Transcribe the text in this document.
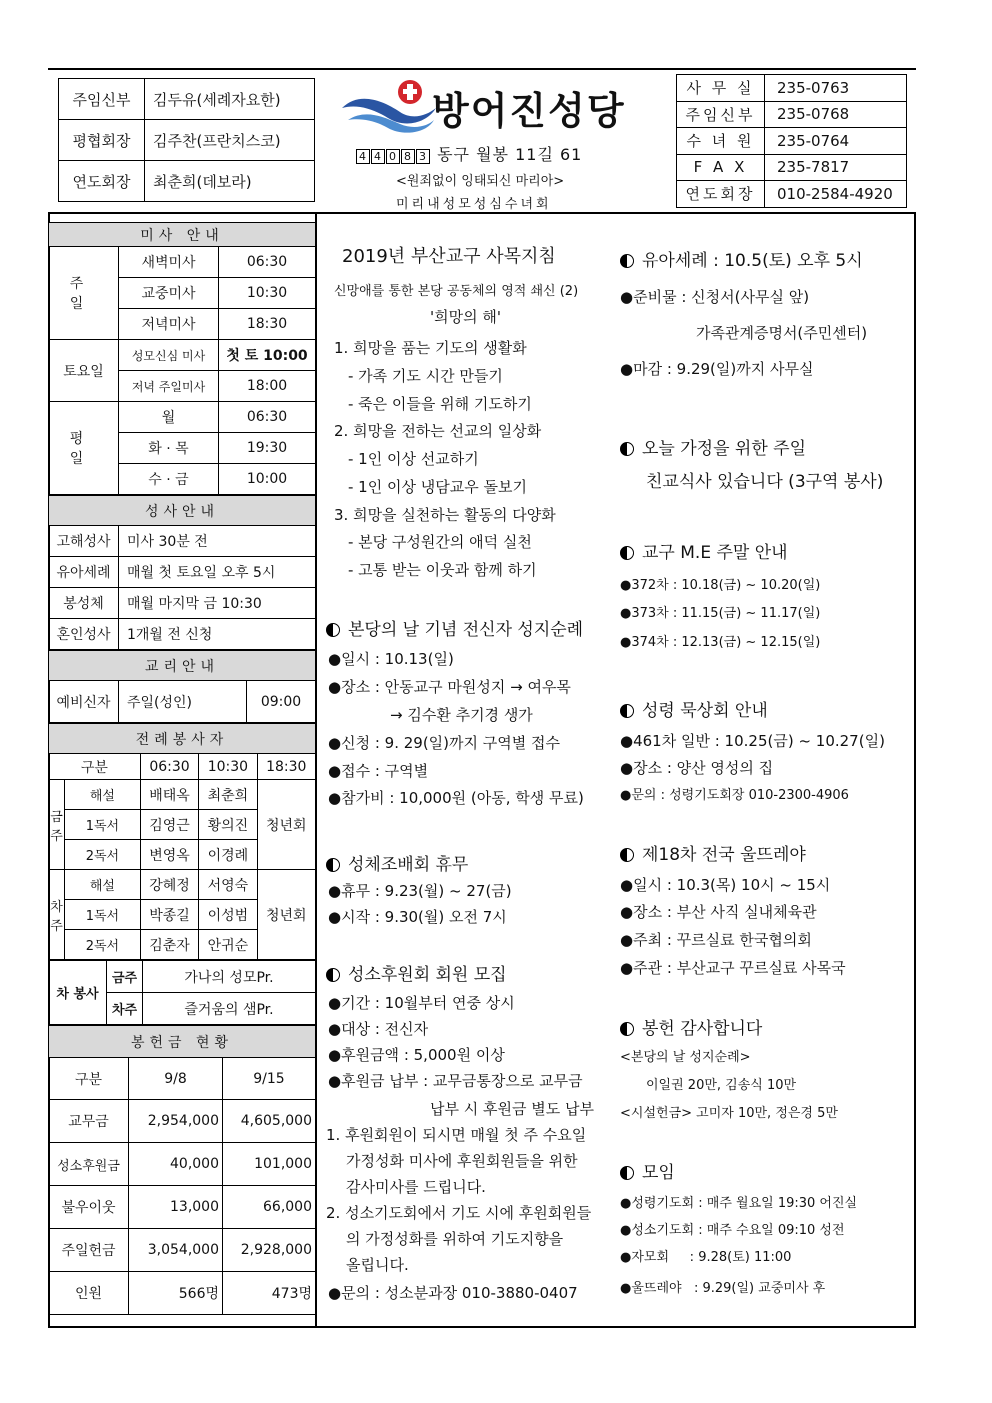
주임신부	김두유(세례자요한)
평협회장	김주찬(프란치스코)
연도회장	최춘희(데보라)
방어진성당
4 4 0 8 3 동구 월봉 11길 61
<원죄없이 잉태되신 마리아>
미리내성모성심수녀회
사 무 실	235-0763
주임신부	235-0768
수 녀 원	235-0764
F A X	235-7817
연도회장	010-2584-4920
미사 안내		
주 일	새벽미사	06:30
	교중미사	10:30
	저녁미사	18:30
토요일	성모신심 미사	첫 토 10:00
	저녁 주일미사	18:00
평 일	월	06:30
	화 · 목	19:30
	수 · 금	10:00
성사안내	
고해성사	미사 30분 전
유아세례	매월 첫 토요일 오후 5시
봉성체	매월 마지막 금 10:30
혼인성사	1개월 전 신청
교리안내
예비신자	주일(성인)	09:00
전례봉사자				
구분		06:30	10:30	18:30
금주	해설	배태옥	최춘희	청년회
	1독서	김영근	황의진	
	2독서	변영옥	이경례	
차주	해설	강혜정	서영숙	청년회
	1독서	박종길	이성범	
	2독서	김춘자	안귀순	
차 봉사	금주	가나의 성모Pr.
	차주	즐거움의 샘Pr.
봉헌금 현황		
구분	9/8	9/15
교무금	2,954,000	4,605,000
성소후원금	40,000	101,000
불우이웃	13,000	66,000
주일헌금	3,054,000	2,928,000
인원	566명	473명
2019년 부산교구 사목지침
신망애를 통한 본당 공동체의 영적 쇄신 (2)
'희망의 해'
1. 희망을 품는 기도의 생활화
- 가족 기도 시간 만들기
- 죽은 이들을 위해 기도하기
2. 희망을 전하는 선교의 일상화
- 1인 이상 선교하기
- 1인 이상 냉담교우 돌보기
3. 희망을 실천하는 활동의 다양화
- 본당 구성원간의 애덕 실천
- 고통 받는 이웃과 함께 하기
본당의 날 기념 전신자 성지순례
●일시 : 10.13(일)
●장소 : 안동교구 마원성지 → 여우목
→ 김수환 추기경 생가
●신청 : 9. 29(일)까지 구역별 접수
●접수 : 구역별
●참가비 : 10,000원 (아동, 학생 무료)
성체조배회 휴무
●휴무 : 9.23(월) ~ 27(금)
●시작 : 9.30(월) 오전 7시
성소후원회 회원 모집
●기간 : 10월부터 연중 상시
●대상 : 전신자
●후원금액 : 5,000원 이상
●후원금 납부 : 교무금통장으로 교무금
납부 시 후원금 별도 납부
1. 후원회원이 되시면 매월 첫 주 수요일
가정성화 미사에 후원회원들을 위한
감사미사를 드립니다.
2. 성소기도회에서 기도 시에 후원회원들
의 가정성화를 위하여 기도지향을
올립니다.
●문의 : 성소분과장 010-3880-0407
유아세례 : 10.5(토) 오후 5시
●준비물 : 신청서(사무실 앞)
가족관계증명서(주민센터)
●마감 : 9.29(일)까지 사무실
오늘 가정을 위한 주일
친교식사 있습니다 (3구역 봉사)
교구 M.E 주말 안내
●372차 : 10.18(금) ~ 10.20(일)
●373차 : 11.15(금) ~ 11.17(일)
●374차 : 12.13(금) ~ 12.15(일)
성령 묵상회 안내
●461차 일반 : 10.25(금) ~ 10.27(일)
●장소 : 양산 영성의 집
●문의 : 성령기도회장 010-2300-4906
제18차 전국 울뜨레야
●일시 : 10.3(목) 10시 ~ 15시
●장소 : 부산 사직 실내체육관
●주최 : 꾸르실료 한국협의회
●주관 : 부산교구 꾸르실료 사목국
봉헌 감사합니다
<본당의 날 성지순례>
이일권 20만, 김송식 10만
<시설헌금> 고미자 10만, 정은경 5만
모임
●성령기도회 : 매주 월요일 19:30 어진실
●성소기도회 : 매주 수요일 09:10 성전
●자모회     : 9.28(토) 11:00
●울뜨레야   : 9.29(일) 교중미사 후
